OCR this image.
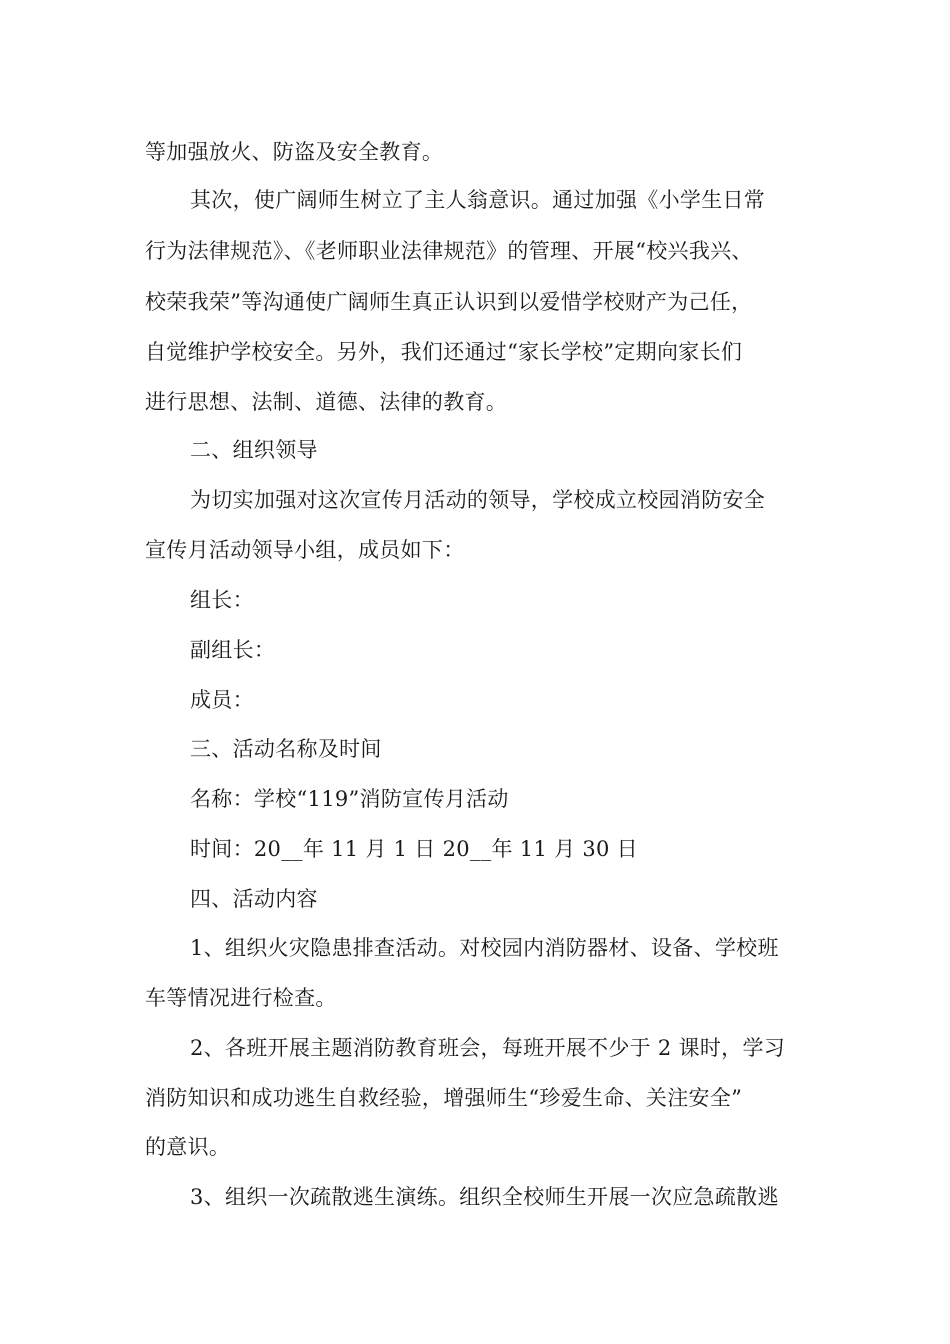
等加强放火、防盗及安全教育。
其次，使广阔师生树立了主人翁意识。通过加强《小学生日常
行为法律规范》、《老师职业法律规范》的管理、开展“校兴我兴、
校荣我荣”等沟通使广阔师生真正认识到以爱惜学校财产为己任，
自觉维护学校安全。另外，我们还通过“家长学校”定期向家长们
进行思想、法制、道德、法律的教育。
二、组织领导
为切实加强对这次宣传月活动的领导，学校成立校园消防安全
宣传月活动领导小组，成员如下：
组长：
副组长：
成员：
三、活动名称及时间
名称：学校“119”消防宣传月活动
时间：20__年 11 月 1 日 20__年 11 月 30 日
四、活动内容
1、组织火灾隐患排查活动。对校园内消防器材、设备、学校班
车等情况进行检查。
2、各班开展主题消防教育班会，每班开展不少于 2 课时，学习
消防知识和成功逃生自救经验，增强师生“珍爱生命、关注安全”
的意识。
3、组织一次疏散逃生演练。组织全校师生开展一次应急疏散逃
